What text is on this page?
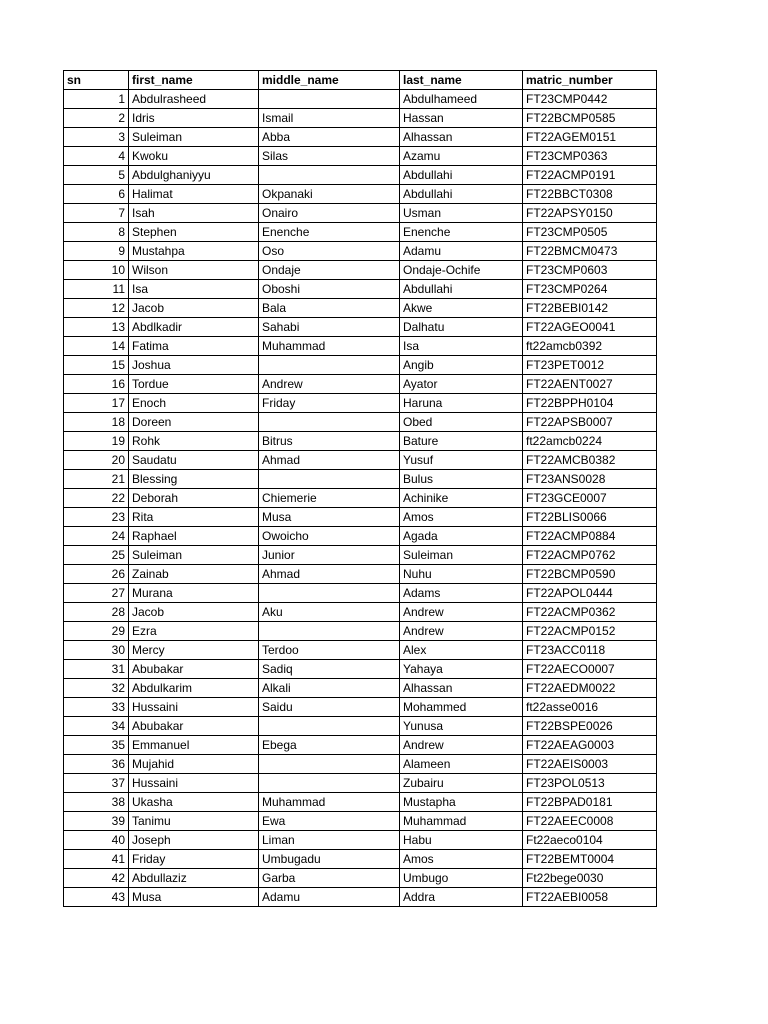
sn	first_name	middle_name	last_name	matric_number
1	Abdulrasheed		Abdulhameed	FT23CMP0442
2	Idris	Ismail	Hassan	FT22BCMP0585
3	Suleiman	Abba	Alhassan	FT22AGEM0151
4	Kwoku	Silas	Azamu	FT23CMP0363
5	Abdulghaniyyu		Abdullahi	FT22ACMP0191
6	Halimat	Okpanaki	Abdullahi	FT22BBCT0308
7	Isah	Onairo	Usman	FT22APSY0150
8	Stephen	Enenche	Enenche	FT23CMP0505
9	Mustahpa	Oso	Adamu	FT22BMCM0473
10	Wilson	Ondaje	Ondaje-Ochife	FT23CMP0603
11	Isa	Oboshi	Abdullahi	FT23CMP0264
12	Jacob	Bala	Akwe	FT22BEBI0142
13	Abdlkadir	Sahabi	Dalhatu	FT22AGEO0041
14	Fatima	Muhammad	Isa	ft22amcb0392
15	Joshua		Angib	FT23PET0012
16	Tordue	Andrew	Ayator	FT22AENT0027
17	Enoch	Friday	Haruna	FT22BPPH0104
18	Doreen		Obed	FT22APSB0007
19	Rohk	Bitrus	Bature	ft22amcb0224
20	Saudatu	Ahmad	Yusuf	FT22AMCB0382
21	Blessing		Bulus	FT23ANS0028
22	Deborah	Chiemerie	Achinike	FT23GCE0007
23	Rita	Musa	Amos	FT22BLIS0066
24	Raphael	Owoicho	Agada	FT22ACMP0884
25	Suleiman	Junior	Suleiman	FT22ACMP0762
26	Zainab	Ahmad	Nuhu	FT22BCMP0590
27	Murana		Adams	FT22APOL0444
28	Jacob	Aku	Andrew	FT22ACMP0362
29	Ezra		Andrew	FT22ACMP0152
30	Mercy	Terdoo	Alex	FT23ACC0118
31	Abubakar	Sadiq	Yahaya	FT22AECO0007
32	Abdulkarim	Alkali	Alhassan	FT22AEDM0022
33	Hussaini	Saidu	Mohammed	ft22asse0016
34	Abubakar		Yunusa	FT22BSPE0026
35	Emmanuel	Ebega	Andrew	FT22AEAG0003
36	Mujahid		Alameen	FT22AEIS0003
37	Hussaini		Zubairu	FT23POL0513
38	Ukasha	Muhammad	Mustapha	FT22BPAD0181
39	Tanimu	Ewa	Muhammad	FT22AEEC0008
40	Joseph	Liman	Habu	Ft22aeco0104
41	Friday	Umbugadu	Amos	FT22BEMT0004
42	Abdullaziz	Garba	Umbugo	Ft22bege0030
43	Musa	Adamu	Addra	FT22AEBI0058
